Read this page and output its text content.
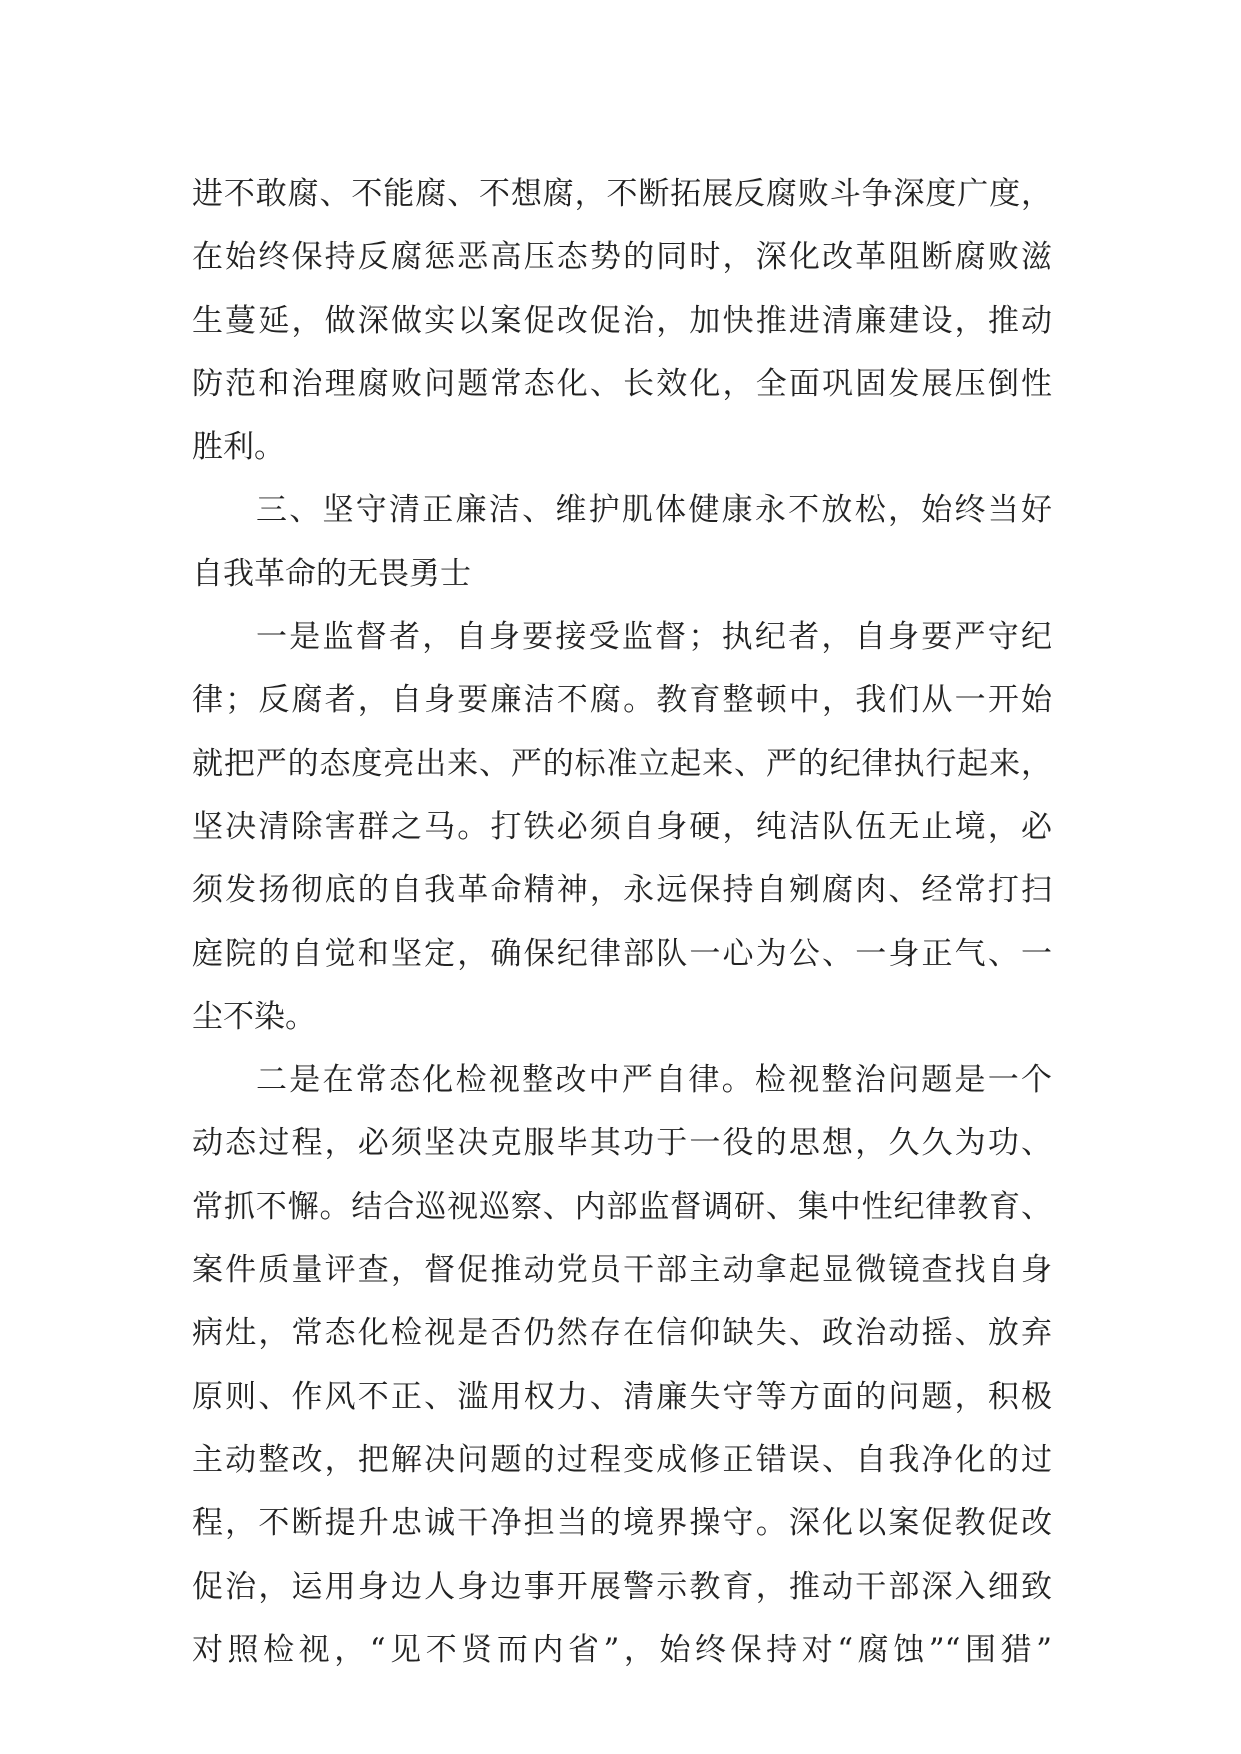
进不敢腐、不能腐、不想腐，不断拓展反腐败斗争深度广度，
在始终保持反腐惩恶高压态势的同时，深化改革阻断腐败滋
生蔓延，做深做实以案促改促治，加快推进清廉建设，推动
防范和治理腐败问题常态化、长效化，全面巩固发展压倒性
胜利。
三、坚守清正廉洁、维护肌体健康永不放松，始终当好
自我革命的无畏勇士
一是监督者，自身要接受监督；执纪者，自身要严守纪
律；反腐者，自身要廉洁不腐。教育整顿中，我们从一开始
就把严的态度亮出来、严的标准立起来、严的纪律执行起来，
坚决清除害群之马。打铁必须自身硬，纯洁队伍无止境，必
须发扬彻底的自我革命精神，永远保持自剜腐肉、经常打扫
庭院的自觉和坚定，确保纪律部队一心为公、一身正气、一
尘不染。
二是在常态化检视整改中严自律。检视整治问题是一个
动态过程，必须坚决克服毕其功于一役的思想，久久为功、
常抓不懈。结合巡视巡察、内部监督调研、集中性纪律教育、
案件质量评查，督促推动党员干部主动拿起显微镜查找自身
病灶，常态化检视是否仍然存在信仰缺失、政治动摇、放弃
原则、作风不正、滥用权力、清廉失守等方面的问题，积极
主动整改，把解决问题的过程变成修正错误、自我净化的过
程，不断提升忠诚干净担当的境界操守。深化以案促教促改
促治，运用身边人身边事开展警示教育，推动干部深入细致
对照检视，“见不贤而内省”，始终保持对“腐蚀”“围猎”
